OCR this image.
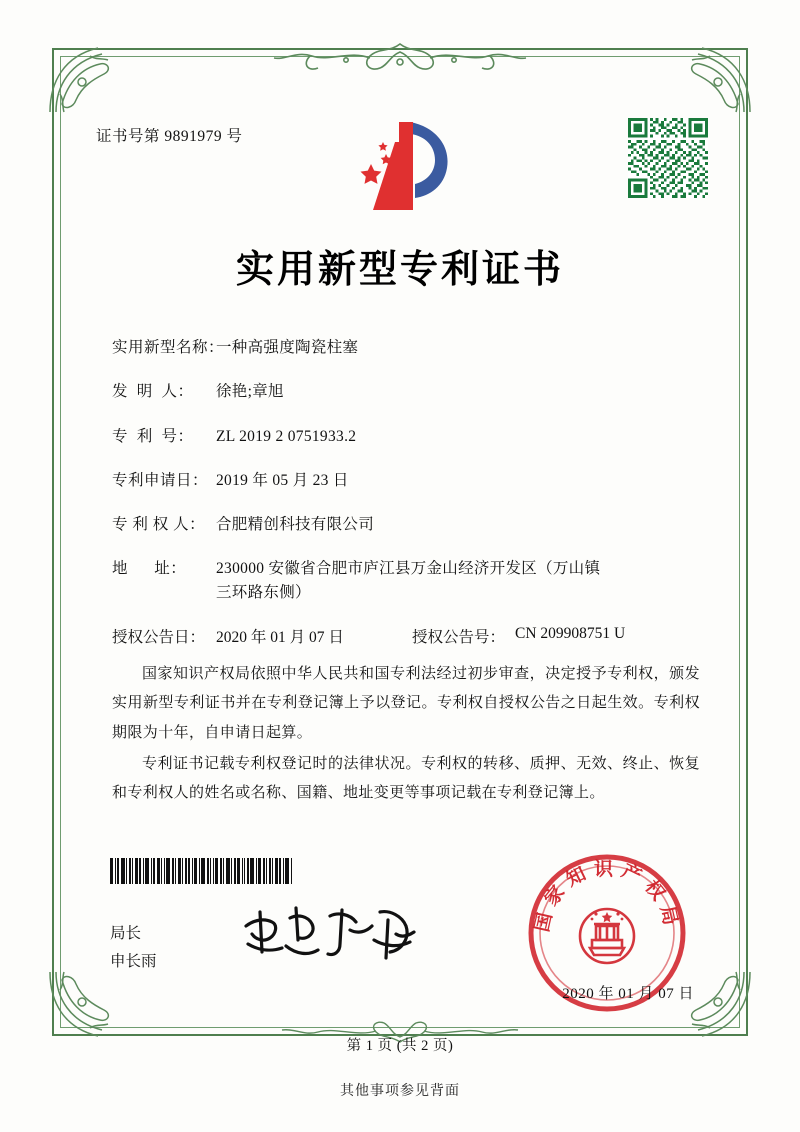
证书号第 9891979 号
实用新型专利证书
实用新型名称：
一种高强度陶瓷柱塞
发  明  人：	徐艳;章旭
专  利  号：	ZL 2019 2 0751933.2
专利申请日： 2019 年 05 月 23 日
专 利 权 人： 合肥精创科技有限公司
地      址：	230000 安徽省合肥市庐江县万金山经济开发区（万山镇
三环路东侧）
授权公告日： 2020 年 01 月 07 日	授权公告号： CN 209908751 U

国家知识产权局依照中华人民共和国专利法经过初步审查，决定授予专利权，颁发实用新型专利证书并在专利登记簿上予以登记。专利权自授权公告之日起生效。专利权期限为十年，自申请日起算。

专利证书记载专利权登记时的法律状况。专利权的转移、质押、无效、终止、恢复和专利权人的姓名或名称、国籍、地址变更等事项记载在专利登记簿上。

局长
申长雨
国家知识产权局
2020 年 01 月 07 日
第 1 页 (共 2 页)
其他事项参见背面
